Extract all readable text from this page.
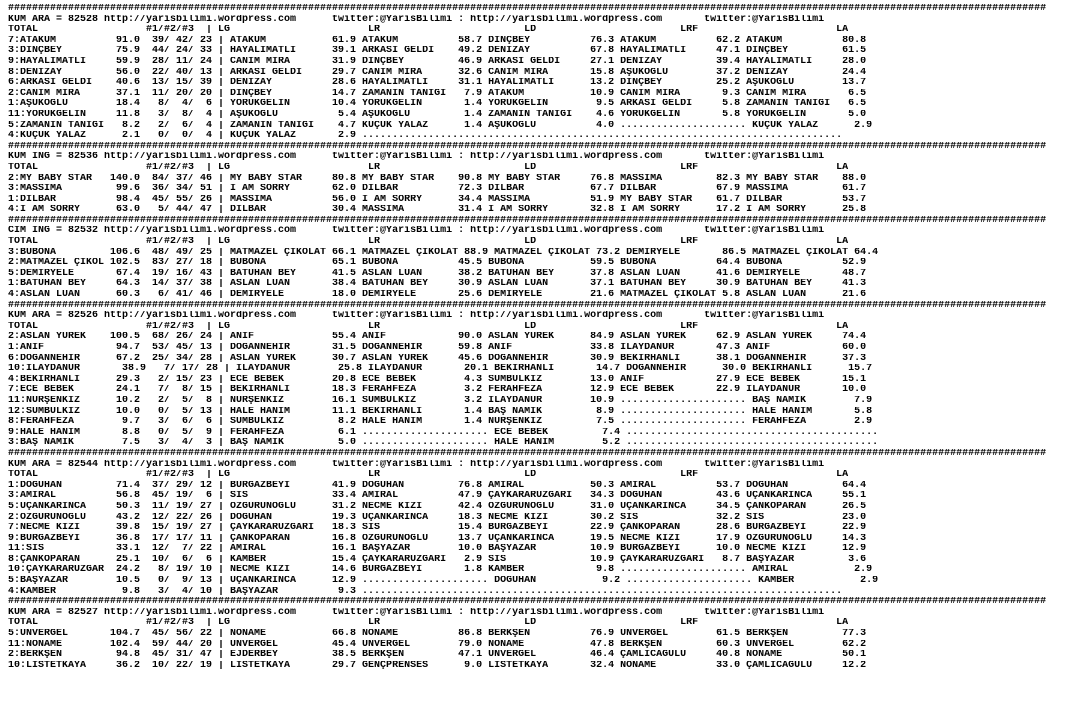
#############################################################################################################################################################################
KUM ARA = 82528 http://yarisbilimi.wordpress.com      twitter:@YarisBilimi : http://yarisbilimi.wordpress.com       twitter:@YarisBilimi
TOTAL                  #1/#2/#3  | LG                       LR                        LD                        LRF                       LA
7:ATAKUM          91.0  39/ 42/ 23 | ATAKUM           61.9 ATAKUM          58.7 DİNÇBEY          76.3 ATAKUM          62.2 ATAKUM          80.8
3:DİNÇBEY         75.9  44/ 24/ 33 | HAYALİMATLI      39.1 ARKASI GELDİ    49.2 DENİZAY          67.8 HAYALİMATLI     47.1 DİNÇBEY         61.5
9:HAYALİMATLI     59.9  28/ 11/ 24 | CANIM MİRA       31.9 DİNÇBEY         46.9 ARKASI GELDİ     27.1 DENİZAY         39.4 HAYALİMATLI     28.0
8:DENİZAY         56.0  22/ 40/ 13 | ARKASI GELDİ     29.7 CANIM MİRA      32.6 CANIM MİRA       15.8 AŞUKOĞLU        37.2 DENİZAY         24.4
6:ARKASI GELDİ    40.6  13/ 15/ 39 | DENİZAY          28.6 HAYALİMATLI     31.1 HAYALİMATLI      13.2 DİNÇBEY         25.2 AŞUKOĞLU        13.7
2:CANIM MİRA      37.1  11/ 20/ 20 | DİNÇBEY          14.7 ZAMANIN TANIĞI   7.9 ATAKUM           10.9 CANIM MİRA       9.3 CANIM MİRA       6.5
1:AŞUKOĞLU        18.4   8/  4/  6 | YÖRÜKGELİN       10.4 YÖRÜKGELİN       1.4 YÖRÜKGELİN        9.5 ARKASI GELDİ     5.8 ZAMANIN TANIĞI   6.5
11:YÖRÜKGELİN     11.8   3/  8/  4 | AŞUKOĞLU          5.4 AŞUKOĞLU         1.4 ZAMANIN TANIĞI    4.6 YÖRÜKGELİN       5.8 YÖRÜKGELİN       5.0
5:ZAMANIN TANIĞI   8.2   2/  6/  4 | ZAMANIN TANIĞI    4.7 KÜÇÜK YALAZ      1.4 AŞUKOĞLU          4.0 ..................... KÜÇÜK YALAZ      2.9
4:KÜÇÜK YALAZ      2.1   0/  0/  4 | KÜÇÜK YALAZ       2.9 ................................................................................
#############################################################################################################################################################################
KUM ING = 82536 http://yarisbilimi.wordpress.com      twitter:@YarisBilimi : http://yarisbilimi.wordpress.com       twitter:@YarisBilimi
TOTAL                  #1/#2/#3  | LG                       LR                        LD                        LRF                       LA
2:MY BABY STAR   140.0  84/ 37/ 46 | MY BABY STAR     80.8 MY BABY STAR    90.8 MY BABY STAR     76.8 MASSIMA         82.3 MY BABY STAR    88.0
3:MASSIMA         99.6  36/ 34/ 51 | I AM SORRY       62.0 DİLBAR          72.3 DİLBAR           67.7 DİLBAR          67.9 MASSIMA         61.7
1:DİLBAR          98.4  45/ 55/ 26 | MASSIMA          56.0 I AM SORRY      34.4 MASSIMA          51.9 MY BABY STAR    61.7 DİLBAR          53.7
4:I AM SORRY      63.0   5/ 44/ 47 | DİLBAR           30.4 MASSIMA         31.4 I AM SORRY       32.8 I AM SORRY      17.2 I AM SORRY      25.8
#############################################################################################################################################################################
CIM ING = 82532 http://yarisbilimi.wordpress.com      twitter:@YarisBilimi : http://yarisbilimi.wordpress.com       twitter:@YarisBilimi
TOTAL                  #1/#2/#3  | LG                       LR                        LD                        LRF                       LA
3:BUBONA         106.6  48/ 49/ 25 | MATMAZEL ÇİKOLAT 66.1 MATMAZEL ÇİKOLAT 88.9 MATMAZEL ÇİKOLAT 73.2 DEMİRYELE       86.5 MATMAZEL ÇİKOLAT 64.4
2:MATMAZEL ÇİKOL 102.5  83/ 27/ 18 | BUBONA           65.1 BUBONA          45.5 BUBONA           59.5 BUBONA          64.4 BUBONA          52.9
5:DEMİRYELE       67.4  19/ 16/ 43 | BATUHAN BEY      41.5 ASLAN LUAN      38.2 BATUHAN BEY      37.8 ASLAN LUAN      41.6 DEMİRYELE       48.7
1:BATUHAN BEY     64.3  14/ 37/ 38 | ASLAN LUAN       38.4 BATUHAN BEY     30.9 ASLAN LUAN       37.1 BATUHAN BEY     30.9 BATUHAN BEY     41.3
4:ASLAN LUAN      60.3   6/ 41/ 46 | DEMİRYELE        18.0 DEMİRYELE       25.6 DEMİRYELE        21.6 MATMAZEL ÇİKOLAT 5.8 ASLAN LUAN      21.6
#############################################################################################################################################################################
KUM ARA = 82526 http://yarisbilimi.wordpress.com      twitter:@YarisBilimi : http://yarisbilimi.wordpress.com       twitter:@YarisBilimi
TOTAL                  #1/#2/#3  | LG                       LR                        LD                        LRF                       LA
2:ASLAN YÜREK    100.5  68/ 26/ 24 | ANİF             55.4 ANİF            90.0 ASLAN YÜREK      84.9 ASLAN YÜREK     62.9 ASLAN YÜREK     74.4
1:ANİF            94.7  53/ 45/ 13 | DOĞANNEHİR       31.5 DOĞANNEHİR      59.8 ANİF             33.8 İLAYDANUR       47.3 ANİF            60.0
6:DOĞANNEHİR      67.2  25/ 34/ 28 | ASLAN YÜREK      30.7 ASLAN YÜREK     45.6 DOĞANNEHİR       30.9 BEKİRHANLI      38.1 DOĞANNEHİR      37.3
10:İLAYDANUR       38.9   7/ 17/ 28 | İLAYDANUR        25.8 İLAYDANUR       20.1 BEKİRHANLI       14.7 DOĞANNEHİR      30.0 BEKİRHANLI      15.7
4:BEKİRHANLI      29.3   2/ 15/ 23 | ECE BEBEK        20.8 ECE BEBEK        4.3 SÜMBÜLKIZ        13.0 ANİF            27.9 ECE BEBEK       15.1
7:ECE BEBEK       24.1   7/  8/ 15 | BEKİRHANLI       18.3 FERAHFEZA        3.2 FERAHFEZA        12.9 ECE BEBEK       22.9 İLAYDANUR       10.0
11:NURŞENKIZ      10.2   2/  5/  8 | NURŞENKIZ        16.1 SÜMBÜLKIZ        3.2 İLAYDANUR        10.9 ..................... BAŞ NAMIK        7.9
12:SÜMBÜLKIZ      10.0   0/  5/ 13 | HALE HANIM       11.1 BEKİRHANLI       1.4 BAŞ NAMIK         8.9 ..................... HALE HANIM       5.8
8:FERAHFEZA        9.7   3/  6/  6 | SÜMBÜLKIZ         8.2 HALE HANIM       1.4 NURŞENKIZ         7.5 ..................... FERAHFEZA        2.9
9:HALE HANIM       8.8   0/  5/  9 | FERAHFEZA         6.1 ..................... ECE BEBEK         7.4 ..........................................
3:BAŞ NAMIK        7.5   3/  4/  3 | BAŞ NAMIK         5.0 ..................... HALE HANIM        5.2 ..........................................
#############################################################################################################################################################################
KUM ARA = 82544 http://yarisbilimi.wordpress.com      twitter:@YarisBilimi : http://yarisbilimi.wordpress.com       twitter:@YarisBilimi
TOTAL                  #1/#2/#3  | LG                       LR                        LD                        LRF                       LA
1:DOĞUHAN         71.4  37/ 29/ 12 | BURGAZBEYİ       41.9 DOĞUHAN         76.8 AMİRAL           50.3 AMİRAL          53.7 DOĞUHAN         64.4
3:AMİRAL          56.8  45/ 19/  6 | SİS              33.4 AMİRAL          47.9 ÇAYKARARÜZGARI   34.3 DOĞUHAN         43.6 UÇANKARINCA     55.1
5:UÇANKARINCA     50.3  11/ 19/ 27 | ÖZGÜRÜNOĞLU      31.2 NECME KIZI      42.4 ÖZGÜRÜNOĞLU      31.0 UÇANKARINCA     34.5 ÇANKOPARAN      26.5
2:ÖZGÜRÜNOĞLU     43.2  12/ 22/ 26 | DOĞUHAN          19.3 UÇANKARINCA     18.3 NECME KIZI       30.2 SİS             32.2 SİS             23.0
7:NECME KIZI      39.8  15/ 19/ 27 | ÇAYKARARÜZGARI   18.3 SİS             15.4 BURGAZBEYİ       22.9 ÇANKOPARAN      28.6 BURGAZBEYİ      22.9
9:BURGAZBEYİ      36.8  17/ 17/ 11 | ÇANKOPARAN       16.8 ÖZGÜRÜNOĞLU     13.7 UÇANKARINCA      19.5 NECME KIZI      17.9 ÖZGÜRÜNOĞLU     14.3
11:SİS            33.1  12/  7/ 22 | AMİRAL           16.1 BAŞYAZAR        10.0 BAŞYAZAR         10.9 BURGAZBEYİ      10.0 NECME KIZI      12.9
8:ÇANKOPARAN      25.1  10/  6/  6 | KAMBER           15.4 ÇAYKARARÜZGARI   2.9 SİS              10.9 ÇAYKARARÜZGARI   8.7 BAŞYAZAR         3.6
10:ÇAYKARARÜZGAR  24.2   8/ 19/ 10 | NECME KIZI       14.6 BURGAZBEYİ       1.8 KAMBER            9.8 ..................... AMİRAL           2.9
5:BAŞYAZAR        10.5   0/  9/ 13 | UÇANKARINCA      12.9 ..................... DOĞUHAN           9.2 ..................... KAMBER           2.9
4:KAMBER           9.8   3/  4/ 10 | BAŞYAZAR          9.3 ................................................................................
#############################################################################################################################################################################
KUM ARA = 82527 http://yarisbilimi.wordpress.com      twitter:@YarisBilimi : http://yarisbilimi.wordpress.com       twitter:@YarisBilimi
TOTAL                  #1/#2/#3  | LG                       LR                        LD                        LRF                       LA
5:ÜNVERGEL       104.7  45/ 56/ 22 | NONAME           66.8 NONAME          86.8 BERKŞEN          76.9 ÜNVERGEL        61.5 BERKŞEN         77.3
11:NONAME        102.4  59/ 44/ 20 | ÜNVERGEL         45.4 ÜNVERGEL        79.0 NONAME           47.8 BERKŞEN         60.3 ÜNVERGEL        62.2
2:BERKŞEN         94.8  45/ 31/ 47 | EJDERBEY         38.5 BERKŞEN         47.1 ÜNVERGEL         46.4 ÇAMLICAGÜLÜ     40.8 NONAME          50.1
10:LİSTETKAYA     36.2  10/ 22/ 19 | LİSTETKAYA       29.7 GENÇPRENSES      9.0 LİSTETKAYA       32.4 NONAME          33.0 ÇAMLICAGÜLÜ     12.2
